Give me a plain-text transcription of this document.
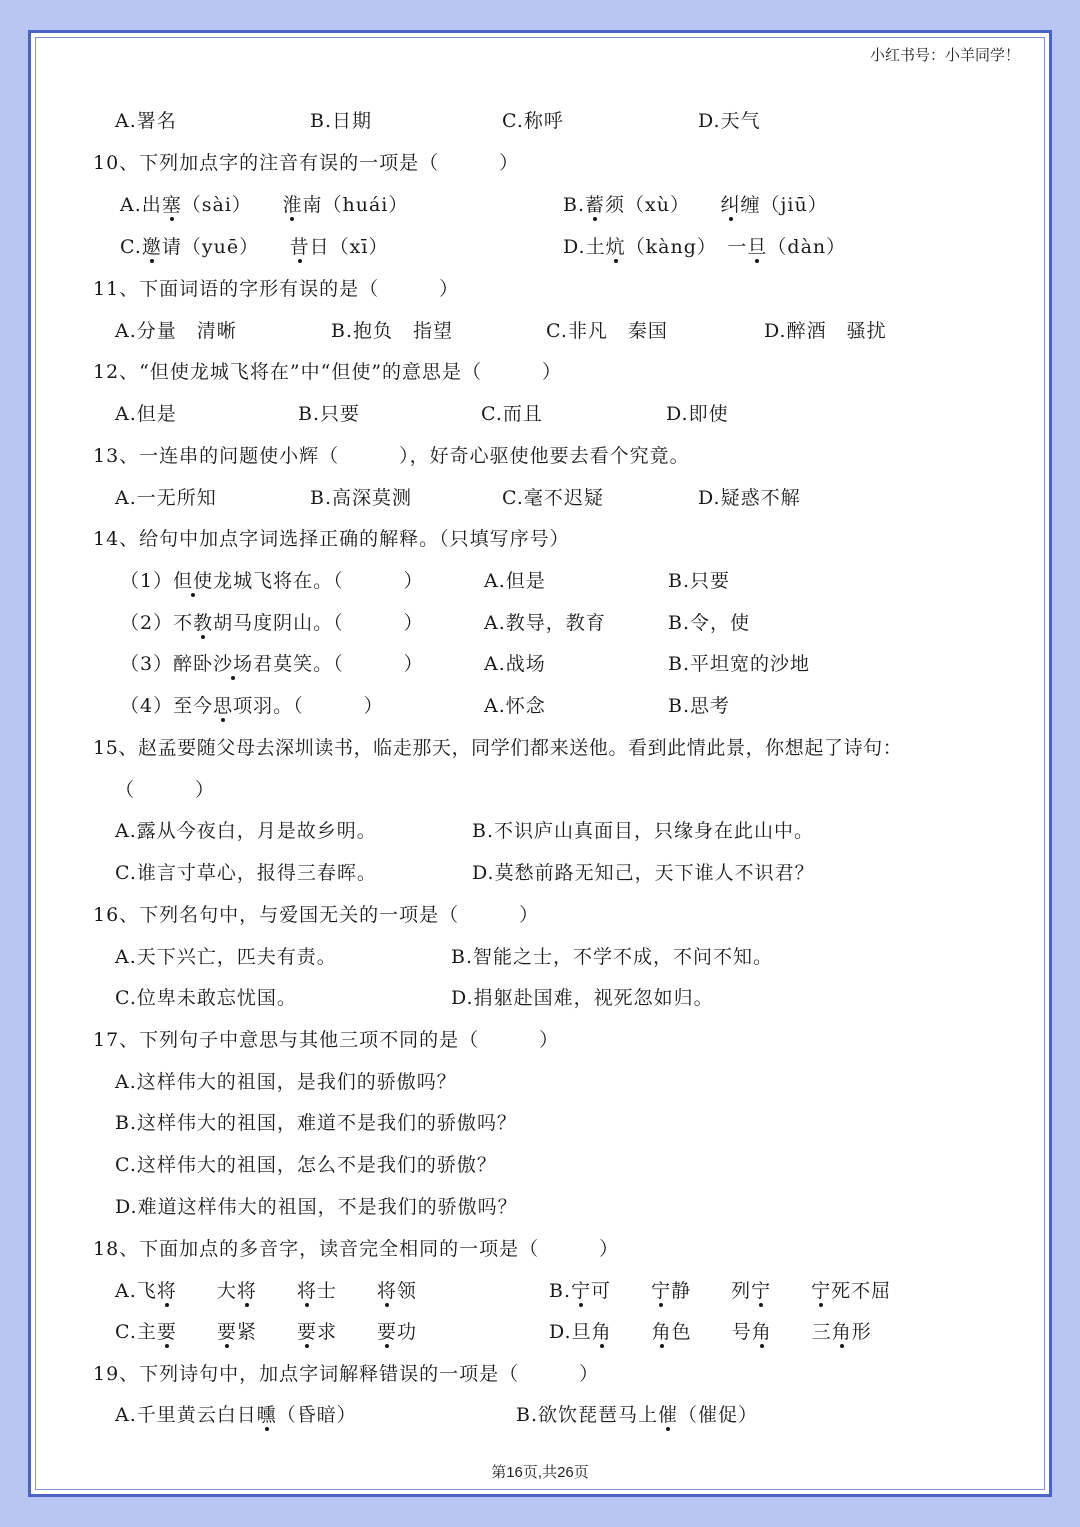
小红书号：小羊同学！
A.署名	B.日期	C.称呼	D.天气
10、下列加点字的注音有误的一项是（　　　）
A.出塞（sài）　　 淮南（huái）	B.蓄须（xù）　　 纠缠（jiū）
C.邀请（yuē）　　 昔日（xī）	D.土炕（kàng）　 一旦（dàn）
11、下面词语的字形有误的是（　　　）
A.分量　清晰	B.抱负　指望	C.非凡　秦国	D.醉酒　骚扰
12、“但使龙城飞将在”中“但使”的意思是（　　　）
A.但是	B.只要	C.而且	D.即使
13、一连串的问题使小辉（　　　），好奇心驱使他要去看个究竟。
A.一无所知	B.高深莫测	C.毫不迟疑	D.疑惑不解
14、给句中加点字词选择正确的解释。（只填写序号）
（1）但使龙城飞将在。（　　　）	A.但是	B.只要
（2）不教胡马度阴山。（　　　）	A.教导，教育	B.令，使
（3）醉卧沙场君莫笑。（　　　）	A.战场	B.平坦宽的沙地
（4）至今思项羽。（　　　）	A.怀念	B.思考
15、赵孟要随父母去深圳读书，临走那天，同学们都来送他。看到此情此景，你想起了诗句：
（　　　）
A.露从今夜白，月是故乡明。	B.不识庐山真面目，只缘身在此山中。
C.谁言寸草心，报得三春晖。	D.莫愁前路无知己，天下谁人不识君？
16、下列名句中，与爱国无关的一项是（　　　）
A.天下兴亡，匹夫有责。	B.智能之士，不学不成，不问不知。
C.位卑未敢忘忧国。	D.捐躯赴国难，视死忽如归。
17、下列句子中意思与其他三项不同的是（　　　）
A.这样伟大的祖国，是我们的骄傲吗？
B.这样伟大的祖国，难道不是我们的骄傲吗？
C.这样伟大的祖国，怎么不是我们的骄傲？
D.难道这样伟大的祖国，不是我们的骄傲吗？
18、下面加点的多音字，读音完全相同的一项是（　　　）
A.飞将　　 大将　　 将士　　 将领	B.宁可　　 宁静　　 列宁　　 宁死不屈
C.主要　　 要紧　　 要求　　 要功	D.旦角　　 角色　　 号角　　 三角形
19、下列诗句中，加点字词解释错误的一项是（　　　）
A.千里黄云白日曛（昏暗）	B.欲饮琵琶马上催（催促）
第16页,共26页
